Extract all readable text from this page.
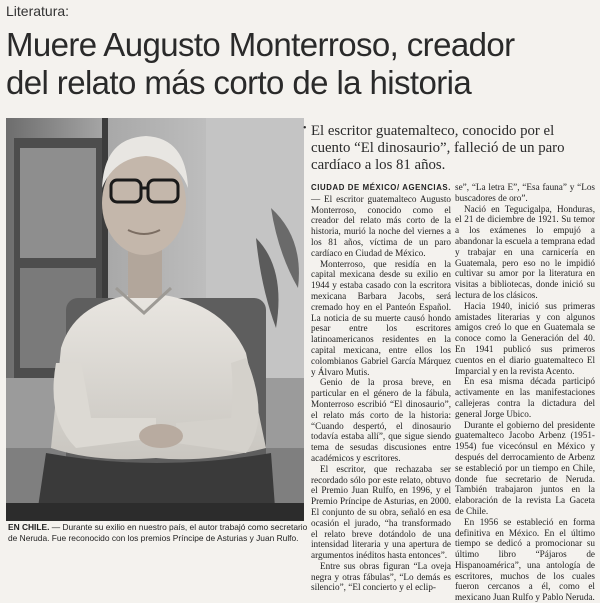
Literatura:
Muere Augusto Monterroso, creador
del relato más corto de la historia
EN CHILE. — Durante su exilio en nuestro país, el autor trabajó como secretario de Neruda. Fue reconocido con los premios Príncipe de Asturias y Juan Rulfo.
• El escritor guatemalteco, conocido por el cuento “El dinosaurio”, falleció de un paro cardíaco a los 81 años.

CIUDAD DE MÉXICO/ AGENCIAS.— El escritor guatemalteco Augusto Monterroso, conocido como el creador del relato más corto de la historia, murió la noche del viernes a los 81 años, víctima de un paro cardíaco en Ciudad de México.

Monterroso, que residía en la capital mexicana desde su exilio en 1944 y estaba casado con la escritora mexicana Barbara Jacobs, será cremado hoy en el Panteón Español. La noticia de su muerte causó hondo pesar entre los escritores latinoamericanos residentes en la capital mexicana, entre ellos los colombianos Gabriel García Márquez y Álvaro Mutis.

Genio de la prosa breve, en particular en el género de la fábula, Monterroso escribió “El dinosaurio”, el relato más corto de la historia: “Cuando despertó, el dinosaurio todavía estaba allí”, que sigue siendo tema de sesudas discusiones entre académicos y escritores.

El escritor, que rechazaba ser recordado sólo por este relato, obtuvo el Premio Juan Rulfo, en 1996, y el Premio Príncipe de Asturias, en 2000. El conjunto de su obra, señaló en esa ocasión el jurado, “ha transformado el relato breve dotándolo de una intensidad literaria y una apertura de argumentos inéditos hasta entonces”.

Entre sus obras figuran “La oveja negra y otras fábulas”, “Lo demás es silencio”, “El concierto y el eclip-

se”, “La letra E”, “Esa fauna” y “Los buscadores de oro”.

Nació en Tegucigalpa, Honduras, el 21 de diciembre de 1921. Su temor a los exámenes lo empujó a abandonar la escuela a temprana edad y trabajar en una carnicería en Guatemala, pero eso no le impidió cultivar su amor por la literatura en visitas a bibliotecas, donde inició su lectura de los clásicos.

Hacia 1940, inició sus primeras amistades literarias y con algunos amigos creó lo que en Guatemala se conoce como la Generación del 40. En 1941 publicó sus primeros cuentos en el diario guatemalteco El Imparcial y en la revista Acento.

En esa misma década participó activamente en las manifestaciones callejeras contra la dictadura del general Jorge Ubico.

Durante el gobierno del presidente guatemalteco Jacobo Arbenz (1951-1954) fue vicecónsul en México y después del derrocamiento de Arbenz se estableció por un tiempo en Chile, donde fue secretario de Neruda. También trabajaron juntos en la elaboración de la revista La Gaceta de Chile.

En 1956 se estableció en forma definitiva en México. En el último tiempo se dedicó a promocionar su último libro “Pájaros de Hispanoamérica”, una antología de escritores, muchos de los cuales fueron cercanos a él, como el mexicano Juan Rulfo y Pablo Neruda.
